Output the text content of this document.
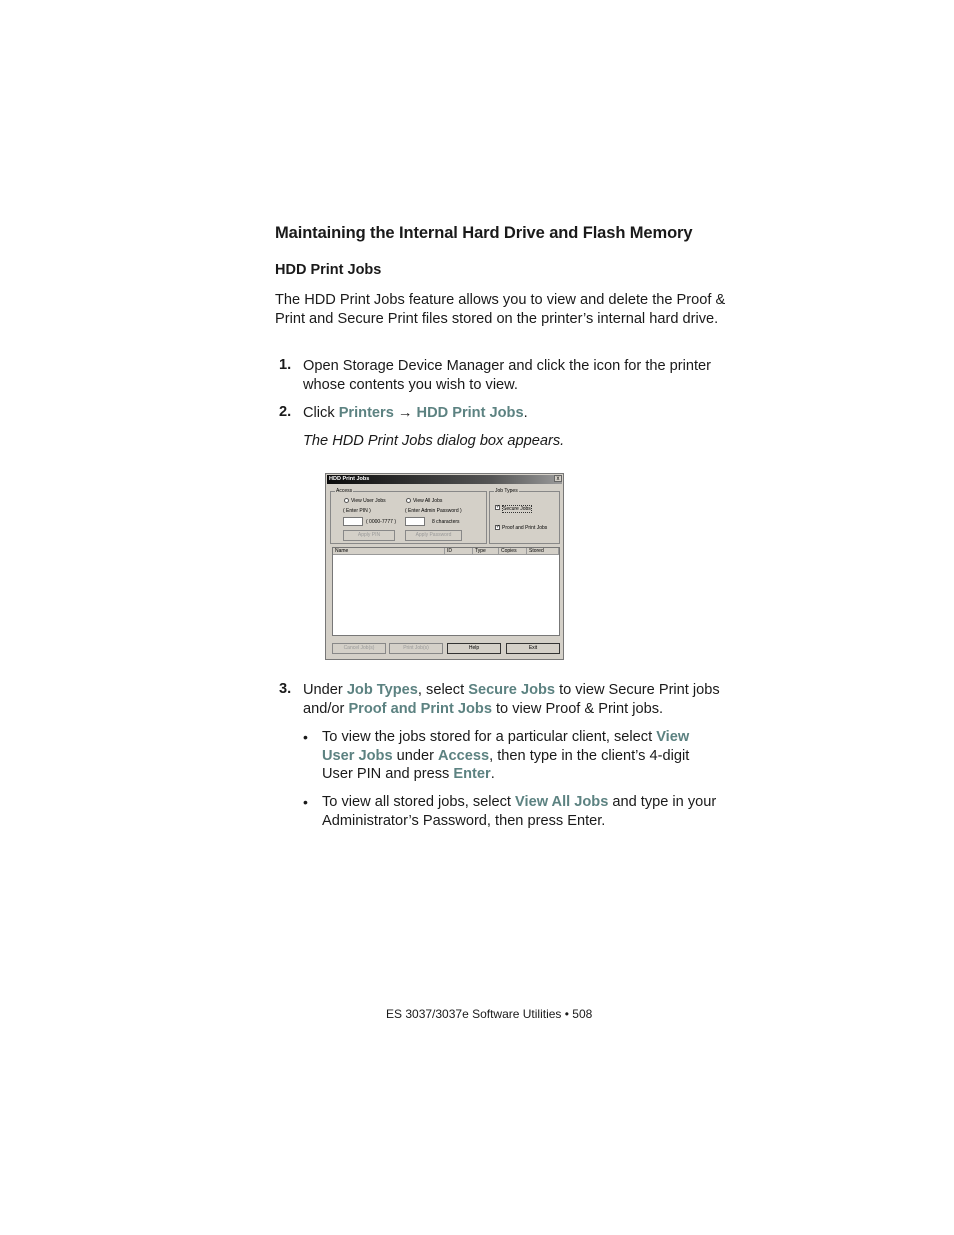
Maintaining the Internal Hard Drive and Flash Memory
HDD Print Jobs
The HDD Print Jobs feature allows you to view and delete the Proof & Print and Secure Print files stored on the printer’s internal hard drive.
1. Open Storage Device Manager and click the icon for the printer whose contents you wish to view.
2. Click Printers → HDD Print Jobs.
The HDD Print Jobs dialog box appears.
HDD Print Jobs	x
Access
View User Jobs	View All Jobs
( Enter PIN )	( Enter Admin Password )
( 0000-7777 )	8 characters
Apply PIN	Apply Password
Job Types
✓ Secure Jobs
✓ Proof and Print Jobs
Name	ID	Type	Copies	Stored
Cancel Job(s)	Print Job(s)	Help	Exit
3. Under Job Types, select Secure Jobs to view Secure Print jobs and/or Proof and Print Jobs to view Proof & Print jobs.
• To view the jobs stored for a particular client, select View User Jobs under Access, then type in the client’s 4-digit User PIN and press Enter.
• To view all stored jobs, select View All Jobs and type in your Administrator’s Password, then press Enter.
ES 3037/3037e Software Utilities • 508
